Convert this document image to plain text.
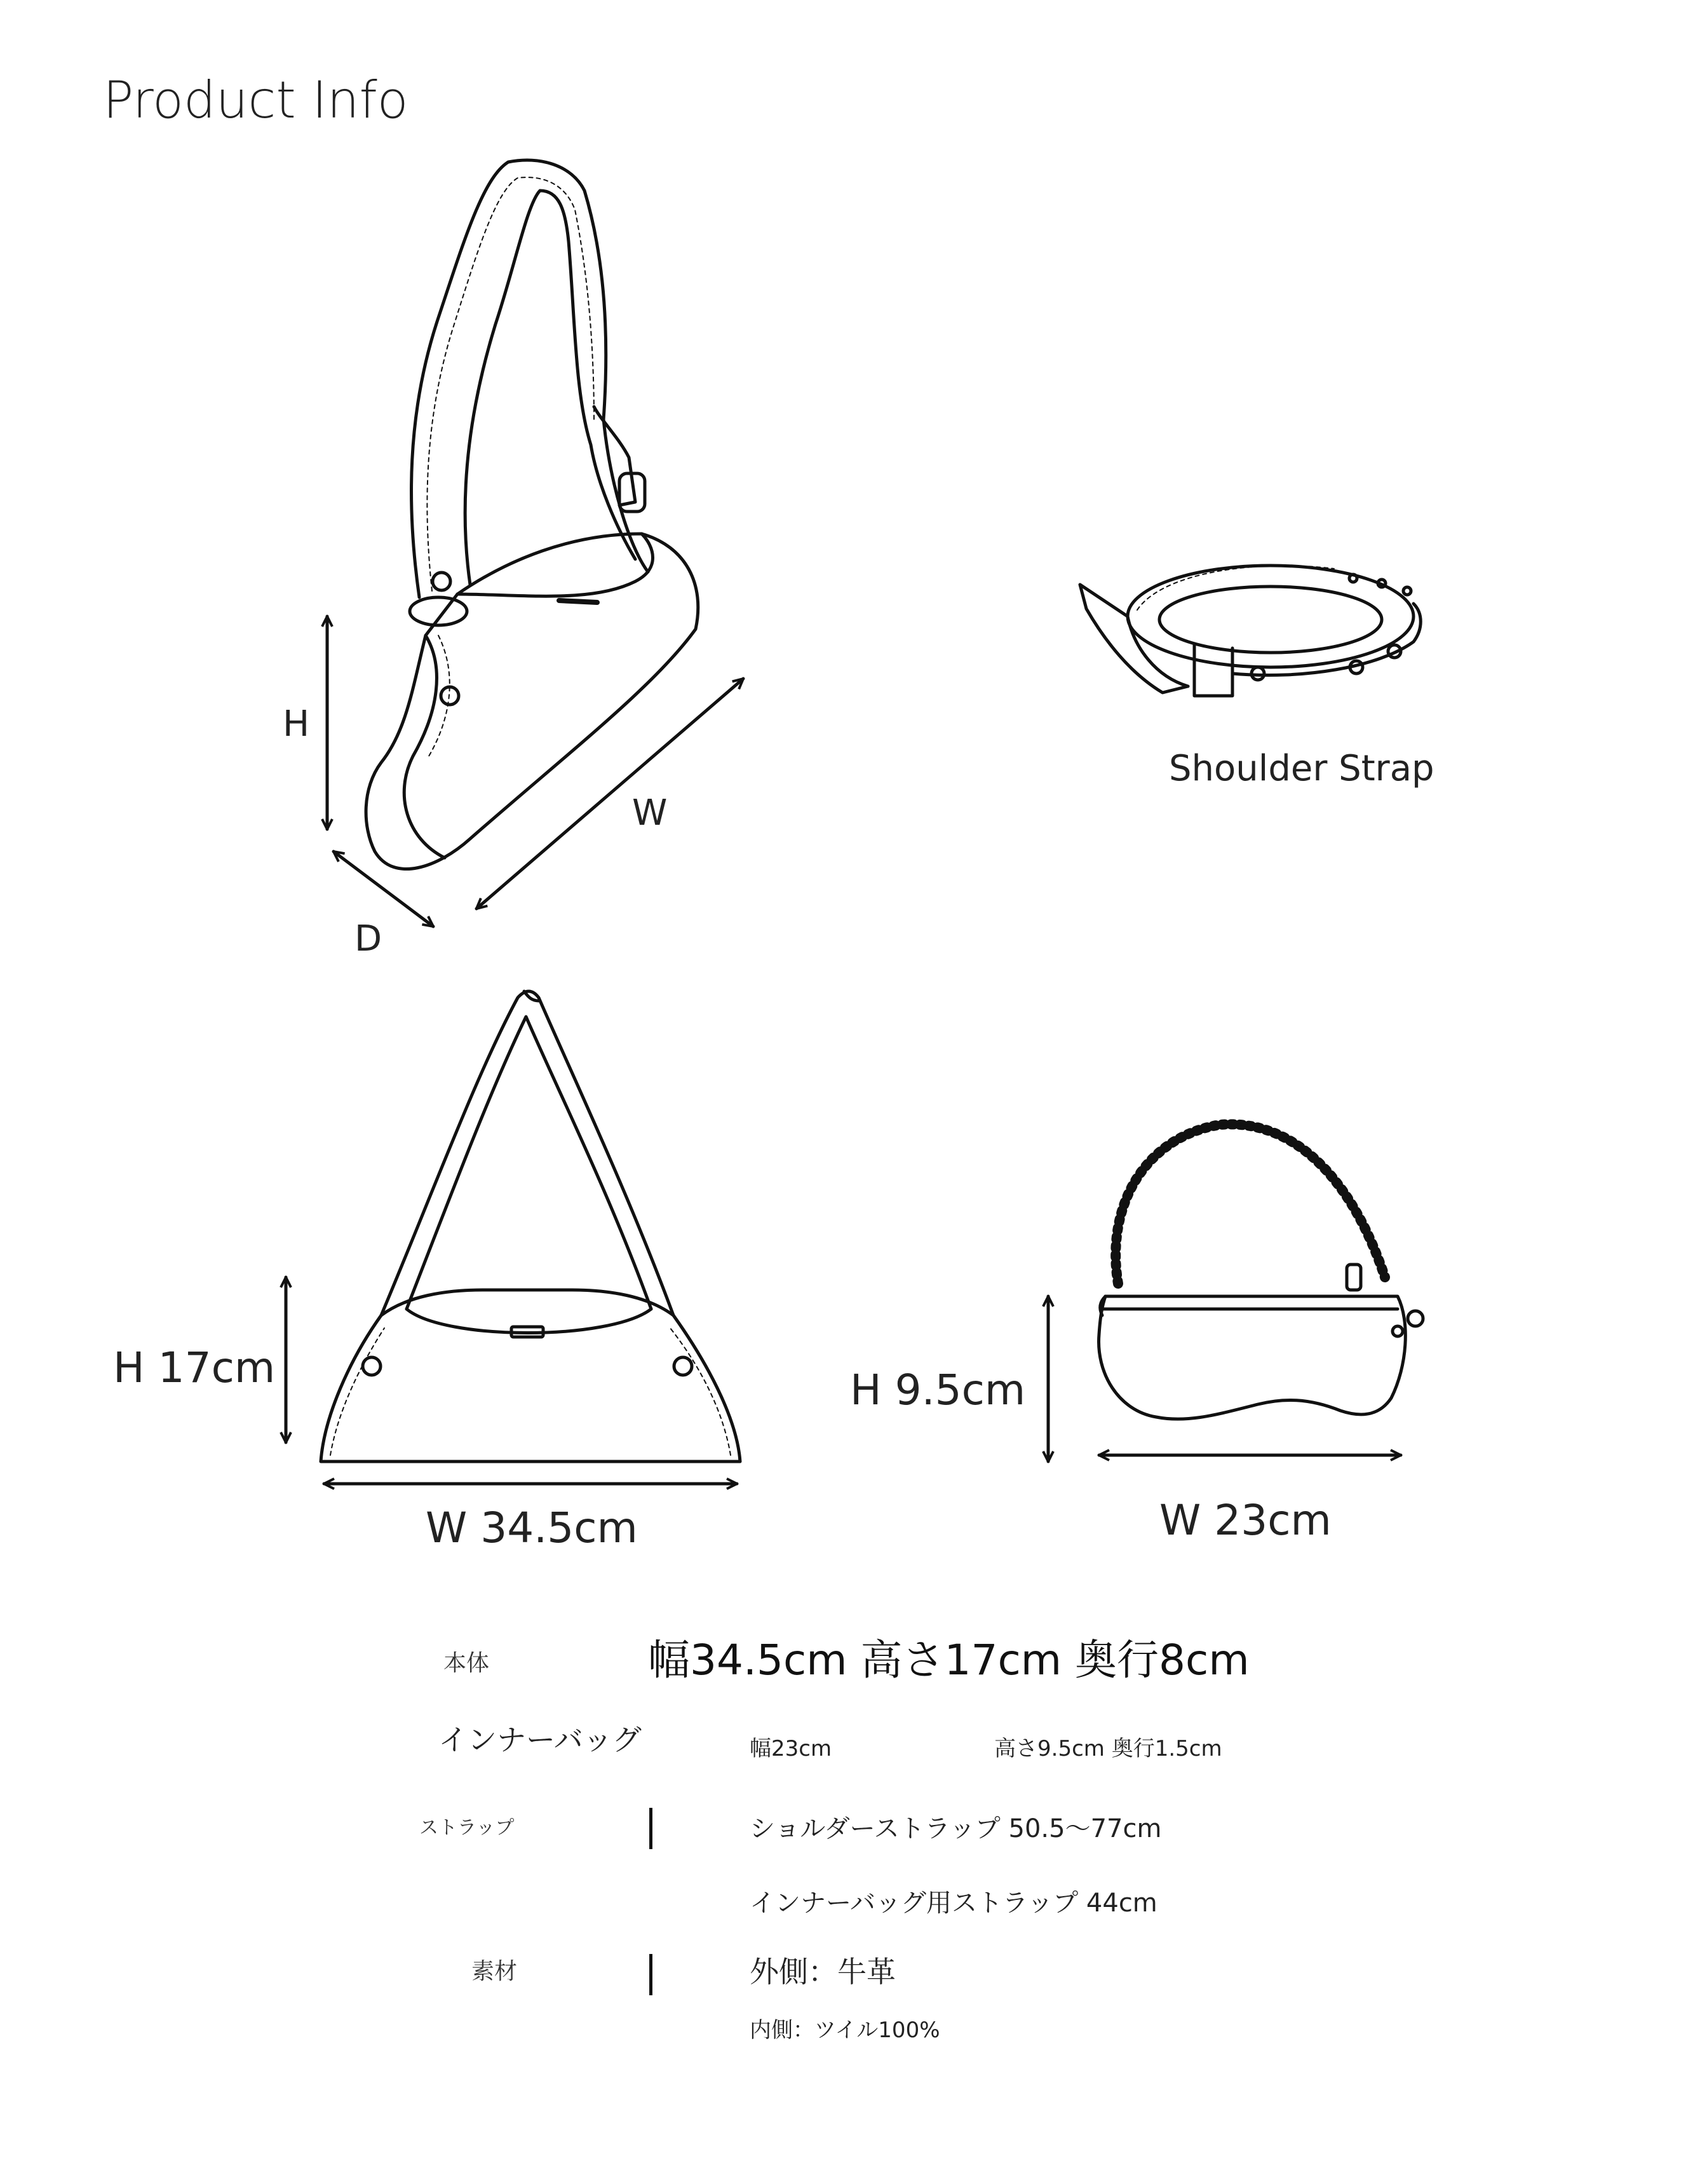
Product Info
H
W
D
Shoulder Strap
H 17cm
W 34.5cm
H 9.5cm
W 23cm
本体	幅34.5cm 高さ17cm 奥行8cm
インナーバッグ	幅23cm	高さ9.5cm 奥行1.5cm
ストラップ	ショルダーストラップ 50.5〜77cm
インナーバッグ用ストラップ 44cm
素材	外側：牛革
内側：ツイル100%
